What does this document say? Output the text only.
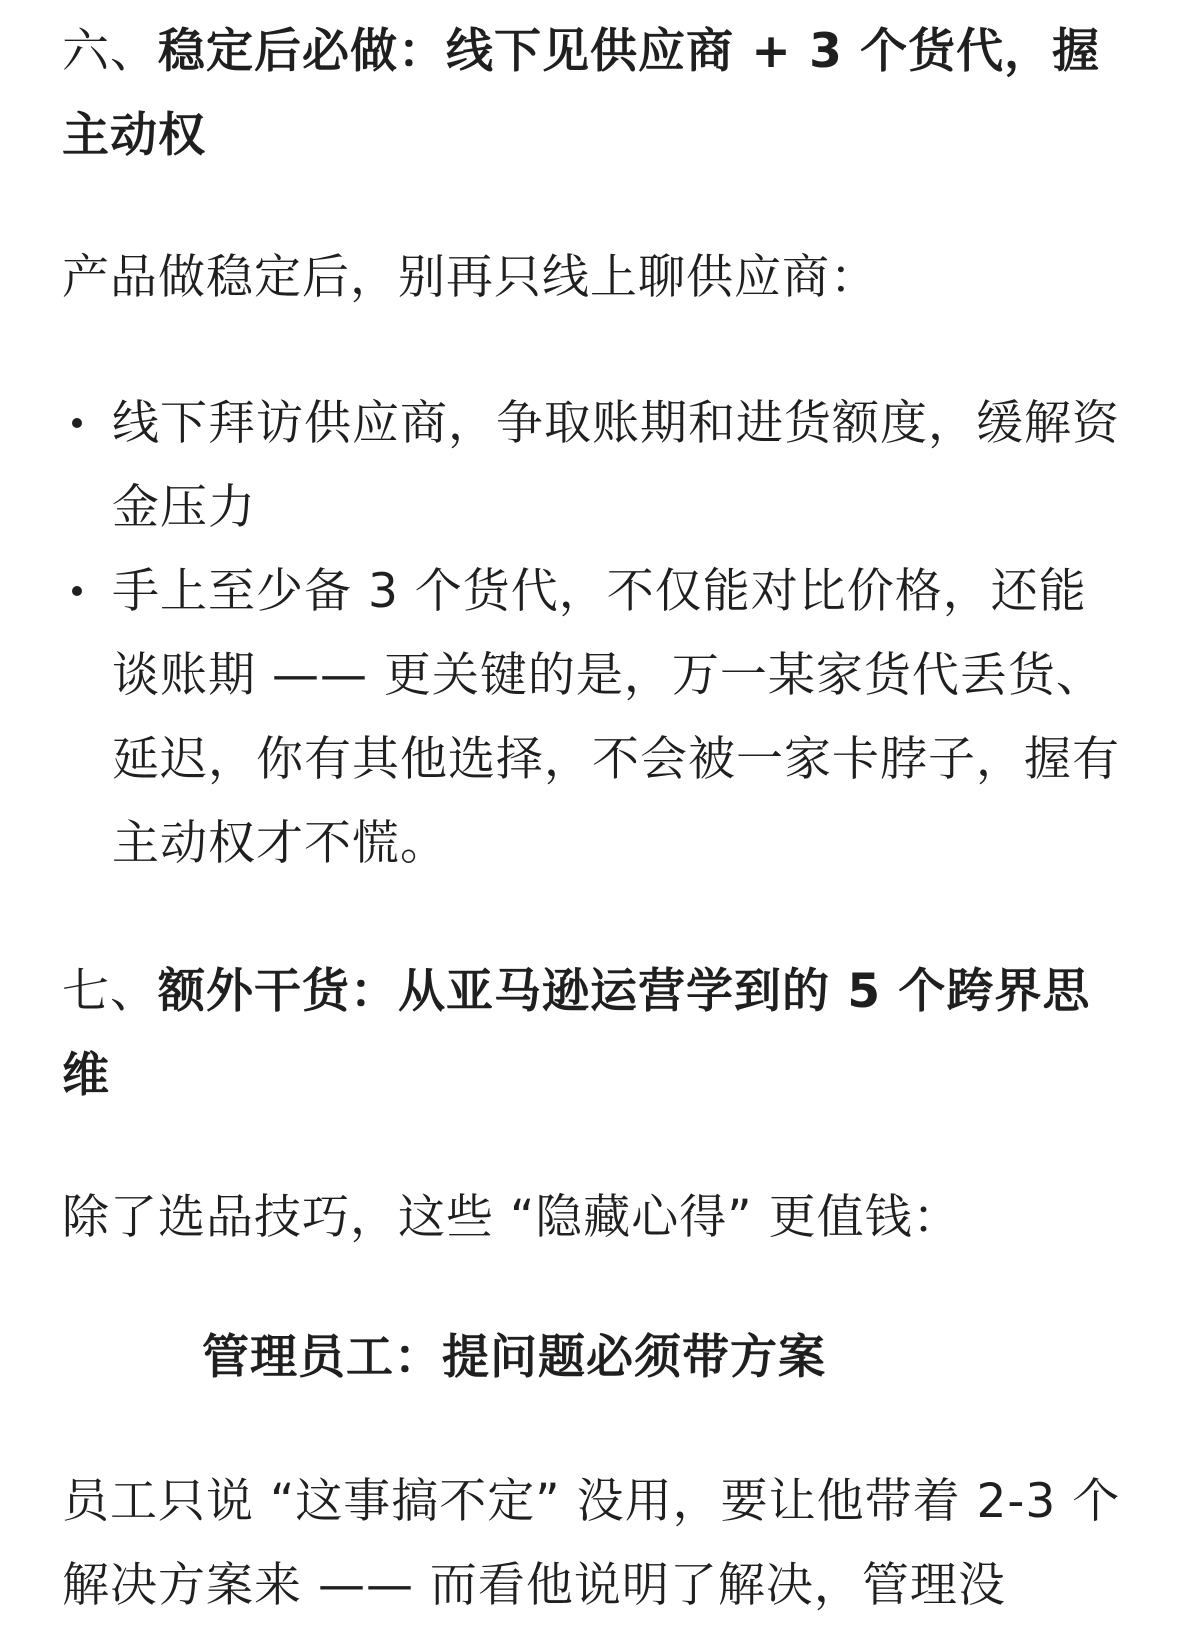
六、稳定后必做：线下见供应商 + 3 个货代，握主动权

产品做稳定后，别再只线上聊供应商：

线下拜访供应商，争取账期和进货额度，缓解资金压力
手上至少备 3 个货代，不仅能对比价格，还能谈账期 —— 更关键的是，万一某家货代丢货、延迟，你有其他选择，不会被一家卡脖子，握有主动权才不慌。
七、额外干货：从亚马逊运营学到的 5 个跨界思维

除了选品技巧，这些 “隐藏心得” 更值钱：

管理员工：提问题必须带方案

员工只说 “这事搞不定” 没用，要让他带着 2-3 个解决方案来 —— 而看他说明了解决，管理没
